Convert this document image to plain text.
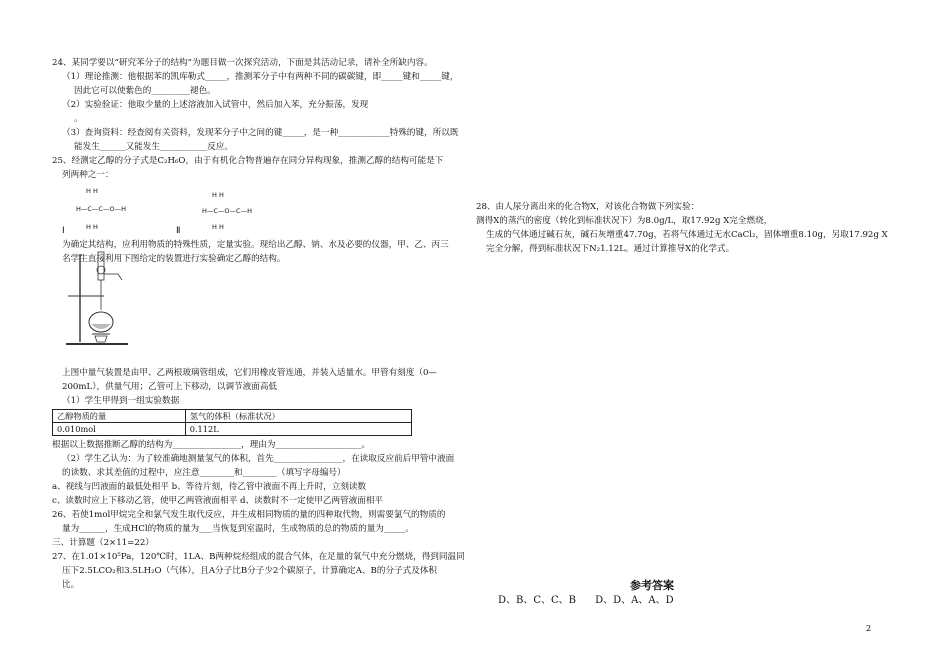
24、某同学要以“研究苯分子的结构”为题目做一次探究活动，下面是其活动记录，请补全所缺内容。
（1）理论推测：他根据苯的凯库勒式_____，推测苯分子中有两种不同的碳碳键，即_____键和_____键，
因此它可以使紫色的_________褪色。
（2）实验验证：他取少量的上述溶液加入试管中，然后加入苯，充分振荡，发现
。
（3）查询资料：经查阅有关资料，发现苯分子中之间的键_____，是一种____________特殊的键，所以既
能发生______又能发生___________反应。
25、经测定乙醇的分子式是C₂H₆O，由于有机化合物普遍存在同分异构现象，推测乙醇的结构可能是下
列两种之一：
H H
H—C—C—O—H
H H
Ⅰ
H H
H—C—O—C—H
H H
Ⅱ
为确定其结构，应利用物质的特殊性质，定量实验。现给出乙醇、钠、水及必要的仪器，甲、乙、丙三
名学生直接利用下图给定的装置进行实验确定乙醇的结构。
上图中量气装置是由甲、乙两根玻璃管组成，它们用橡皮管连通，并装入适量水。甲管有刻度（0—
200mL），供量气用；乙管可上下移动，以调节液面高低
（1）学生甲得到一组实验数据
乙醇物质的量	氢气的体积（标准状况）
0.010mol	0.112L
根据以上数据推断乙醇的结构为________________，理由为____________________。
（2）学生乙认为：为了较准确地测量氢气的体积，首先________________，在读取反应前后甲管中液面
的读数、求其差值的过程中，应注意________和________（填写字母编号）
a、视线与凹液面的最低处相平 b、等待片刻，待乙管中液面不再上升时，立刻读数
c、读数时应上下移动乙管，使甲乙两管液面相平 d、读数时不一定使甲乙两管液面相平
26、若使1mol甲烷完全和氯气发生取代反应，并生成相同物质的量的四种取代物，则需要氯气的物质的
量为______，生成HCl的物质的量为___当恢复到室温时，生成物质的总的物质的量为_____。
三、计算题（2×11=22）
27、在1.01×10⁵Pa，120℃时，1LA、B两种烷烃组成的混合气体，在足量的氧气中充分燃烧，得到同温同
压下2.5LCO₂和3.5LH₂O（气体），且A分子比B分子少2个碳原子，计算确定A、B的分子式及体积
比。
28、由人尿分离出来的化合物X，对该化合物做下列实验：
测得X的蒸汽的密度（转化到标准状况下）为8.0g/L，取17.92g X完全燃烧，
生成的气体通过碱石灰，碱石灰增重47.70g，若将气体通过无水CaCl₂，固体增重8.10g，另取17.92g X
完全分解，得到标准状况下N₂1.12L。通过计算推导X的化学式。
参考答案
D、B、C、C、B      D、D、A、A、D
2
